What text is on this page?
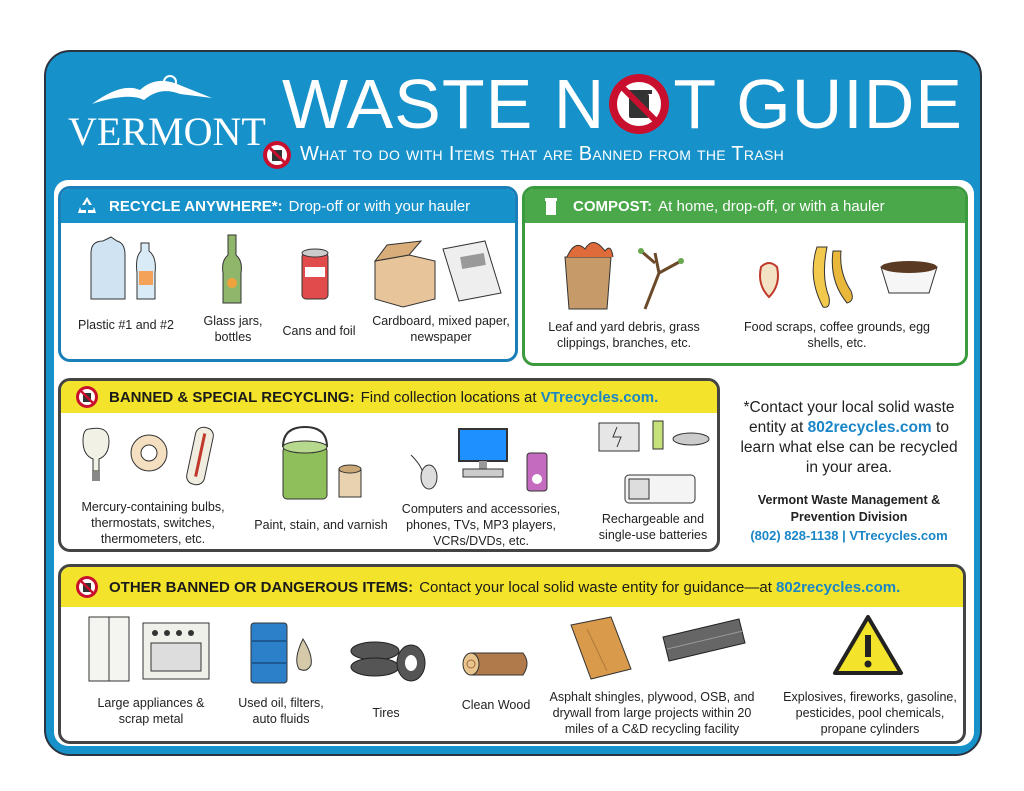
VERMONT WASTE N T GUIDE
What to do with Items that are Banned from the Trash
RECYCLE ANYWHERE*: Drop-off or with your hauler
Plastic #1 and #2	Glass jars, bottles	Cans and foil
Cardboard, mixed paper, newspaper
COMPOST: At home, drop-off, or with a hauler
Leaf and yard debris, grass clippings, branches, etc.
Food scraps, coffee grounds, egg shells, etc.
BANNED & SPECIAL RECYCLING: Find collection locations at
VTrecycles.com.
Mercury-containing bulbs, thermostats, switches, thermometers, etc.
Paint, stain, and varnish
Computers and accessories, phones, TVs, MP3 players, VCRs/DVDs, etc.
Rechargeable and single-use batteries
*Contact your local solid waste entity at 802recycles.com to learn what else can be recycled in your area.
Vermont Waste Management & Prevention Division
(802) 828-1138 | VTrecycles.com
OTHER BANNED OR DANGEROUS ITEMS: Contact your local solid waste entity for guidance—at
802recycles.com.
Large appliances & scrap metal
Used oil, filters, auto fluids	Tires
Clean Wood
Asphalt shingles, plywood, OSB, and drywall from large projects within 20 miles of a C&D recycling facility
Explosives, fireworks, gasoline, pesticides, pool chemicals, propane cylinders
